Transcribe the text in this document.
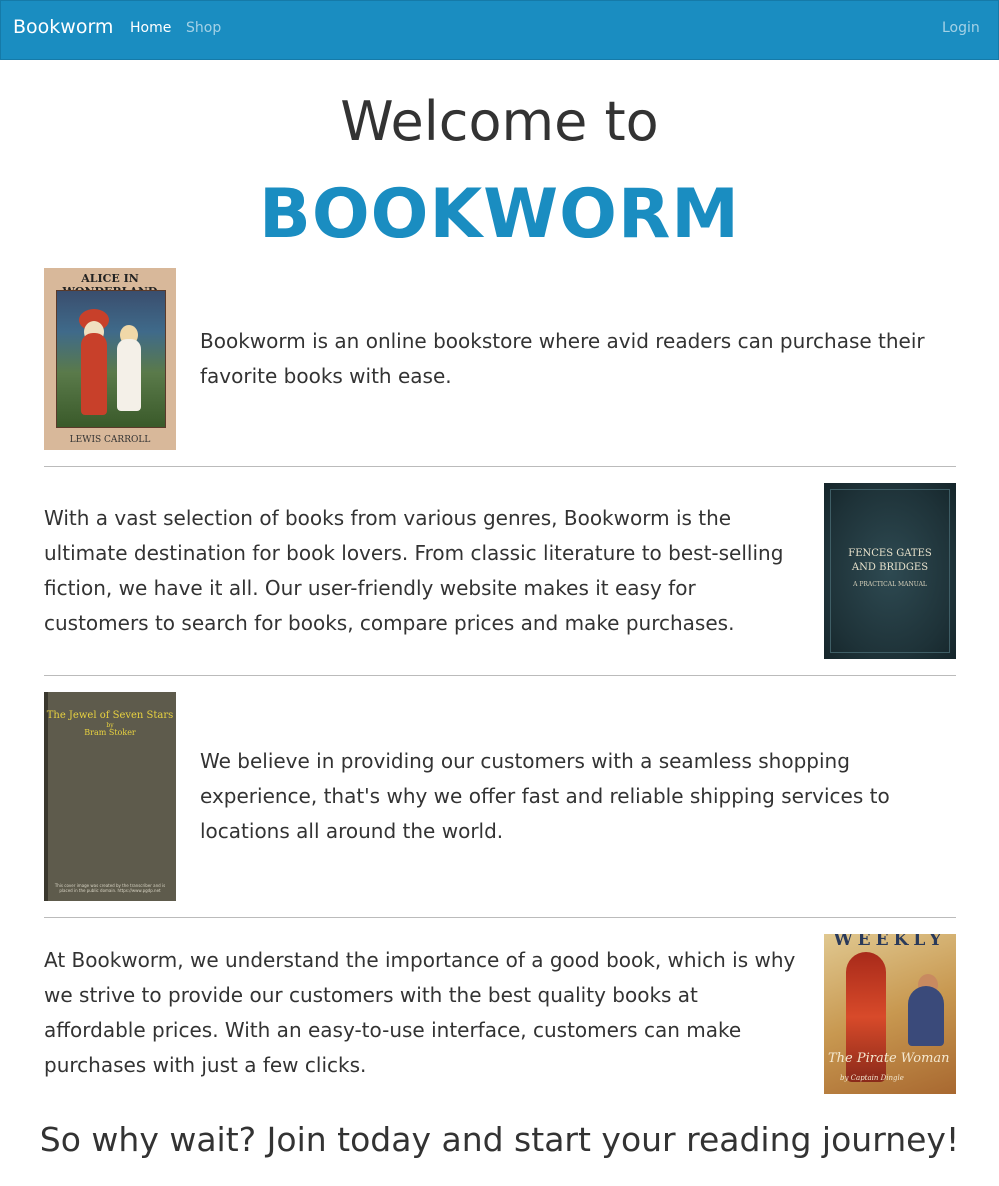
Bookworm Home Shop	Login
Welcome to
BOOKWORM
ALICE IN
LEWIS CARROLL
Bookworm is an online bookstore where avid readers can purchase their favorite books with ease.
With a vast selection of books from various genres, Bookworm is the ultimate destination for book lovers. From classic literature to best-selling fiction, we have it all. Our user-friendly website makes it easy for customers to search for books, compare prices and make purchases.
FENCES GATES AND BRIDGES
A PRACTICAL MANUAL
The Jewel of Seven Stars
by
Bram Stoker
This cover image was created by the transcriber and is placed in the public domain. https://www.pgdp.net
We believe in providing our customers with a seamless shopping experience, that's why we offer fast and reliable shipping services to locations all around the world.
At Bookworm, we understand the importance of a good book, which is why we strive to provide our customers with the best quality books at affordable prices. With an easy-to-use interface, customers can make purchases with just a few clicks.
WEEKLY
The Pirate Woman
by Captain Dingle
So why wait? Join today and start your reading journey!
